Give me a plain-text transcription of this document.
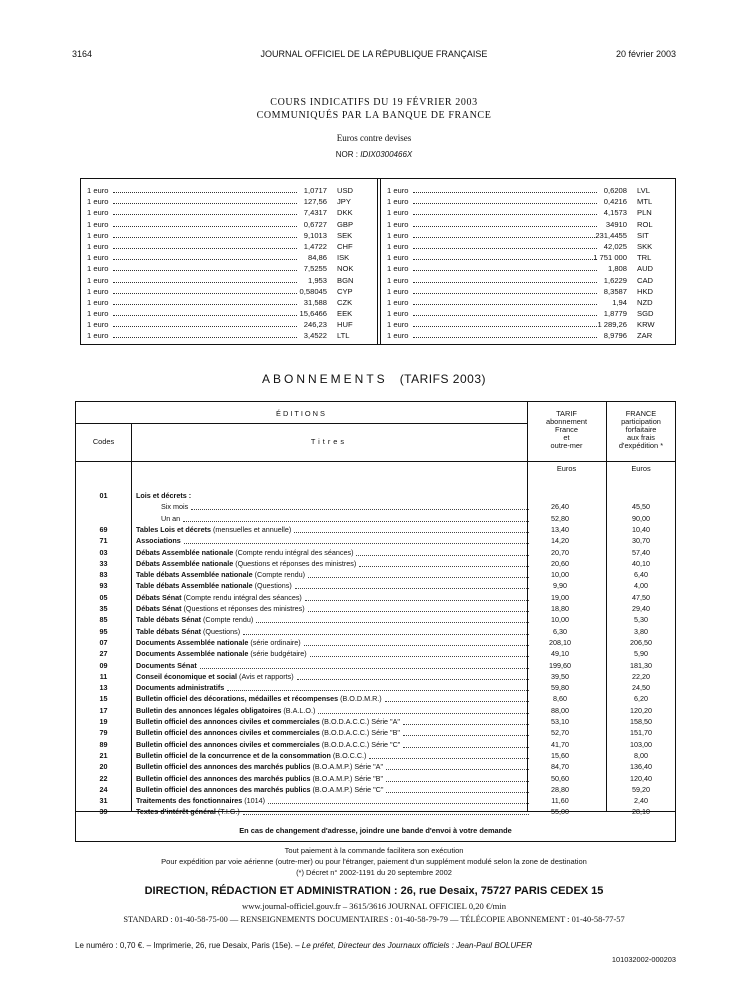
3164	JOURNAL OFFICIEL DE LA RÉPUBLIQUE FRANÇAISE	20 février 2003
COURS INDICATIFS DU 19 FÉVRIER 2003
COMMUNIQUÉS PAR LA BANQUE DE FRANCE
Euros contre devises
NOR : IDIX0300466X
1 euro	1,0717 USD
1 euro	127,56 JPY
1 euro	7,4317 DKK
1 euro	0,6727 GBP
1 euro	9,1013 SEK
1 euro	1,4722 CHF
1 euro	84,86 ISK
1 euro	7,5255 NOK
1 euro	1,953 BGN
1 euro	0,58045 CYP
1 euro	31,588 CZK
1 euro	15,6466 EEK
1 euro	246,23 HUF
1 euro	3,4522 LTL
1 euro	0,6208 LVL
1 euro	0,4216 MTL
1 euro	4,1573 PLN
1 euro	34910 ROL
1 euro	231,4455 SIT
1 euro	42,025 SKK
1 euro	1 751 000 TRL
1 euro	1,808 AUD
1 euro	1,6229 CAD
1 euro	8,3587 HKD
1 euro	1,94 NZD
1 euro	1,8779 SGD
1 euro	1 289,26 KRW
1 euro	8,9796 ZAR
ABONNEMENTS (TARIFS 2003)
ÉDITIONS
Codes	Titres
TARIF
abonnement
France
et
outre-mer
FRANCE
participation
forfaitaire
aux frais
d'expédition *
Euros	Euros
01	Lois et décrets :
Six mois	26,40	45,50
Un an	52,80	90,00
69	Tables Lois et décrets (mensuelles et annuelle)	13,40	10,40
71	Associations	14,20	30,70
03	Débats Assemblée nationale (Compte rendu intégral des séances)	20,70	57,40
33	Débats Assemblée nationale (Questions et réponses des ministres)	20,60	40,10
83	Table débats Assemblée nationale (Compte rendu)	10,00	6,40
93	Table débats Assemblée nationale (Questions)	9,90	4,00
05	Débats Sénat (Compte rendu intégral des séances)	19,00	47,50
35	Débats Sénat (Questions et réponses des ministres)	18,80	29,40
85	Table débats Sénat (Compte rendu)	10,00	5,30
95	Table débats Sénat (Questions)	6,30	3,80
07	Documents Assemblée nationale (série ordinaire)	208,10	206,50
27	Documents Assemblée nationale (série budgétaire)	49,10	5,90
09	Documents Sénat	199,60	181,30
11	Conseil économique et social (Avis et rapports)	39,50	22,20
13	Documents administratifs	59,80	24,50
15	Bulletin officiel des décorations, médailles et récompenses (B.O.D.M.R.)	8,60	6,20
17	Bulletin des annonces légales obligatoires (B.A.L.O.)	88,00	120,20
19	Bulletin officiel des annonces civiles et commerciales (B.O.D.A.C.C.) Série "A"	53,10	158,50
79	Bulletin officiel des annonces civiles et commerciales (B.O.D.A.C.C.) Série "B"	52,70	151,70
89	Bulletin officiel des annonces civiles et commerciales (B.O.D.A.C.C.) Série "C"	41,70	103,00
21	Bulletin officiel de la concurrence et de la consommation (B.O.C.C.)	15,60	8,00
20	Bulletin officiel des annonces des marchés publics (B.O.A.M.P.) Série "A"	84,70	136,40
22	Bulletin officiel des annonces des marchés publics (B.O.A.M.P.) Série "B"	50,60	120,40
24	Bulletin officiel des annonces des marchés publics (B.O.A.M.P.) Série "C"	28,80	59,20
31	Traitements des fonctionnaires (1014)	11,60	2,40
39	Textes d'intérêt général (T.I.G.)	55,00	28,10
En cas de changement d'adresse, joindre une bande d'envoi à votre demande
Tout paiement à la commande facilitera son exécution
Pour expédition par voie aérienne (outre-mer) ou pour l'étranger, paiement d'un supplément modulé selon la zone de destination
(*) Décret n° 2002-1191 du 20 septembre 2002
DIRECTION, RÉDACTION ET ADMINISTRATION : 26, rue Desaix, 75727 PARIS CEDEX 15
www.journal-officiel.gouv.fr – 3615/3616 JOURNAL OFFICIEL 0,20 €/min
STANDARD : 01-40-58-75-00 — RENSEIGNEMENTS DOCUMENTAIRES : 01-40-58-79-79 — TÉLÉCOPIE ABONNEMENT : 01-40-58-77-57
Le numéro : 0,70 €. – Imprimerie, 26, rue Desaix, Paris (15e). – Le préfet, Directeur des Journaux officiels : Jean-Paul BOLUFER
101032002-000203
